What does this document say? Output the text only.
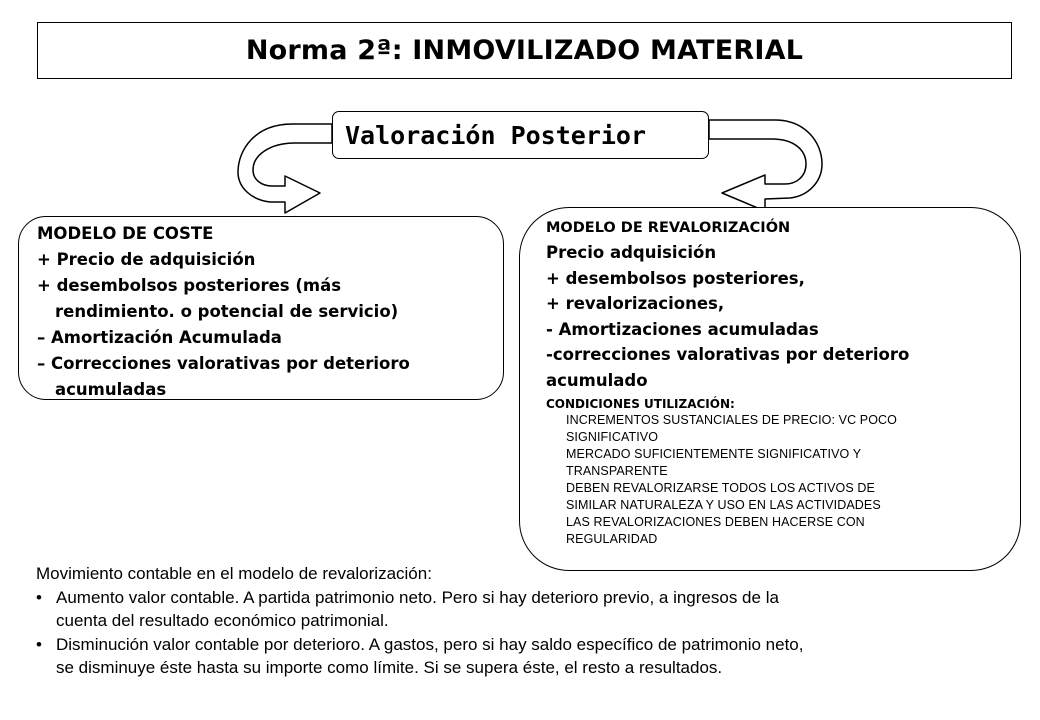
Norma 2ª: INMOVILIZADO MATERIAL
Valoración Posterior
MODELO DE COSTE
+ Precio de adquisición
+ desembolsos posteriores (más
rendimiento. o potencial de servicio)
– Amortización Acumulada
– Correcciones valorativas por deterioro
acumuladas
MODELO DE REVALORIZACIÓN
Precio adquisición
+ desembolsos posteriores,
+ revalorizaciones,
- Amortizaciones acumuladas
-correcciones valorativas por deterioro
acumulado
CONDICIONES UTILIZACIÓN:
INCREMENTOS SUSTANCIALES DE PRECIO: VC POCO
SIGNIFICATIVO
MERCADO SUFICIENTEMENTE SIGNIFICATIVO Y
TRANSPARENTE
DEBEN REVALORIZARSE TODOS LOS ACTIVOS DE
SIMILAR NATURALEZA Y USO EN LAS ACTIVIDADES
LAS REVALORIZACIONES DEBEN HACERSE CON
REGULARIDAD
Movimiento contable en el modelo de revalorización:
• Aumento valor contable. A partida patrimonio neto. Pero si hay deterioro previo, a ingresos de la
cuenta del resultado económico patrimonial.
• Disminución valor contable por deterioro. A gastos, pero si hay saldo específico de patrimonio neto,
se disminuye éste hasta su importe como límite. Si se supera éste, el resto a resultados.
